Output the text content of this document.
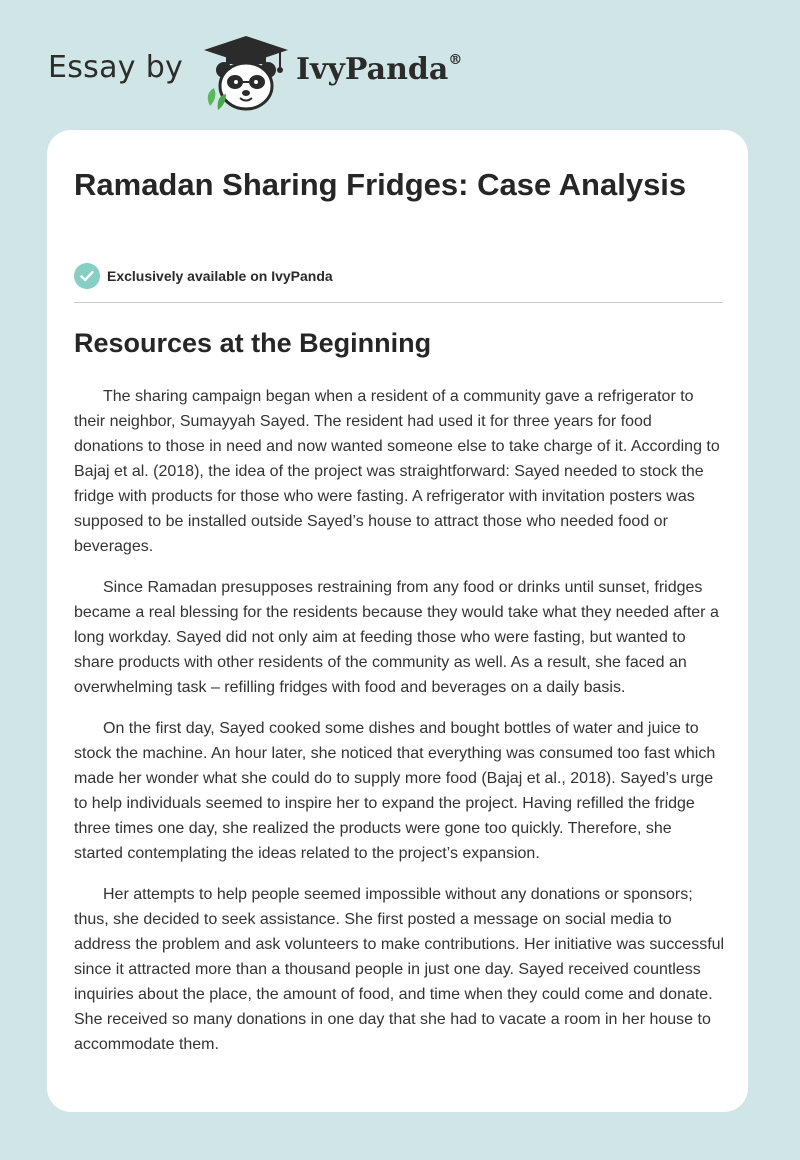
Essay by	IvyPanda®
Ramadan Sharing Fridges: Case Analysis
Exclusively available on IvyPanda
Resources at the Beginning

The sharing campaign began when a resident of a community gave a refrigerator to their neighbor, Sumayyah Sayed. The resident had used it for three years for food donations to those in need and now wanted someone else to take charge of it. According to Bajaj et al. (2018), the idea of the project was straightforward: Sayed needed to stock the fridge with products for those who were fasting. A refrigerator with invitation posters was supposed to be installed outside Sayed’s house to attract those who needed food or beverages.

Since Ramadan presupposes restraining from any food or drinks until sunset, fridges became a real blessing for the residents because they would take what they needed after a long workday. Sayed did not only aim at feeding those who were fasting, but wanted to share products with other residents of the community as well. As a result, she faced an overwhelming task – refilling fridges with food and beverages on a daily basis.

On the first day, Sayed cooked some dishes and bought bottles of water and juice to stock the machine. An hour later, she noticed that everything was consumed too fast which made her wonder what she could do to supply more food (Bajaj et al., 2018). Sayed’s urge to help individuals seemed to inspire her to expand the project. Having refilled the fridge three times one day, she realized the products were gone too quickly. Therefore, she started contemplating the ideas related to the project’s expansion.

Her attempts to help people seemed impossible without any donations or sponsors; thus, she decided to seek assistance. She first posted a message on social media to address the problem and ask volunteers to make contributions. Her initiative was successful since it attracted more than a thousand people in just one day. Sayed received countless inquiries about the place, the amount of food, and time when they could come and donate. She received so many donations in one day that she had to vacate a room in her house to accommodate them.
